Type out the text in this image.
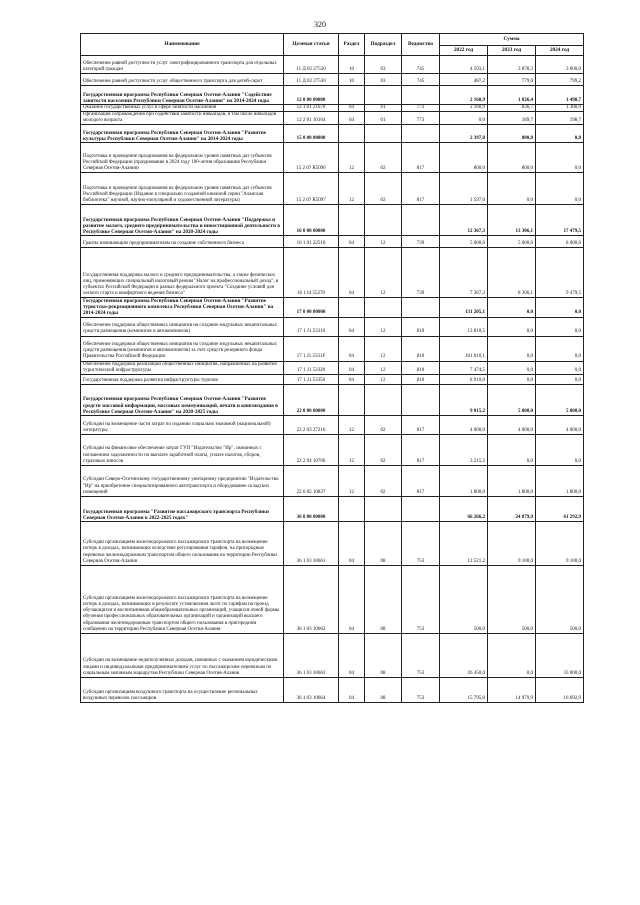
320
Наименование	Целевая статья	Раздел	Подраздел	Ведомство	Сумма		
					2022 год	2023 год	2024 год
Обеспечение равной доступности услуг электрифицированного транспорта для отдельных категорий граждан	11 Д 02 27520	10	03	745	4 593,1	3 878,3	3 600,0
Обеспечение равной доступности услуг общественного транспорта для детей-сирот	11 Д 02 27530	10	03	745	487,2	779,0	799,2
Государственная программа Республики Северная Осетия-Алания "Содействие занятости населения Республики Северная Осетия-Алания" на 2014-2024 годы	12 0 00 00000				2 160,9	1 026,4	1 498,7
Оказание государственных услуг в сфере занятости населения	12 1 01 21670	04	01	773	2 160,9	836,7	1 300,0
Организация сопровождения при содействии занятости инвалидов, в том числе инвалидов молодого возраста	12 2 01 10164	04	01	773	0,0	189,7	198,7
Государственная программа Республики Северная Осетия-Алания "Развитие культуры Республики Северная Осетия-Алания" на 2014-2024 годы	15 0 00 00000				2 397,0	800,0	0,0
Подготовка и проведение празднования на федеральном уровне памятных дат субъектов Российской Федерации (празднование в 2024 году 100-летия образования Республики Северная Осетия-Алания)	15 2 07 R5096	12	02	817	800,0	800,0	0,0
Подготовка и проведение празднования на федеральном уровне памятных дат субъектов Российской Федерации (Издание в специально созданной книжной серии "Аланская библиотека" научной, научно-популярной и художественной литературы)	15 2 07 R5097	12	02	817	1 597,0	0,0	0,0
Государственная программа Республики Северная Осетия-Алания "Поддержка и развитие малого, среднего предпринимательства и инвестиционной деятельности в Республике Северная Осетия-Алания" на 2020-2024 годы	16 0 00 00000				12 367,3	13 306,1	17 479,5
Гранты начинающим предпринимателям на создание собственного бизнеса	16 1 01 22510	04	12	739	5 000,0	5 000,0	8 000,0
Государственная поддержка малого и среднего предпринимательства, а также физических лиц, применяющих специальный налоговый режим "Налог на профессиональный доход", в субъектах Российской Федерации в рамках федерального проекта "Создание условий для легкого старта и комфортного ведения бизнеса"	16 1 I4 55270	04	12	739	7 367,3	8 306,1	9 479,5
Государственная программа Республики Северная Осетия-Алания "Развитие туристско-рекреационного комплекса Республики Северная Осетия-Алания" на 2014-2024 годы	17 0 00 00000				131 205,1	0,0	0,0
Обеспечение поддержки общественных инициатив на создание модульных некапитальных средств размещения (кемпингов и автокемпингов)	17 1 J1 53310	04	12	810	13 810,5	0,0	0,0
Обеспечение поддержки общественных инициатив на создание модульных некапитальных средств размещения (кемпингов и автокемпингов) за счет средств резервного фонда Правительства Российской Федерации	17 1 J1 5331F	04	12	810	101 010,1	0,0	0,0
Обеспечение поддержки реализации общественных инициатив, направленных на развитие туристической инфраструктуры	17 1 J1 53320	04	12	810	7 474,5	0,0	0,0
Государственная поддержка развития инфраструктуры туризма	17 1 J1 53350	04	12	810	8 910,0	0,0	0,0
Государственная программа Республики Северная Осетия-Алания "Развитие средств массовой информации, массовых коммуникаций, печати и книгоиздания в Республике Северная Осетия-Алания" на 2020-2025 годы	22 0 00 00000				9 015,2	5 800,0	5 800,0
Субсидии на возмещение части затрат по изданию социально значимой (национальной) литературы	22 2 03 27216	12	02	817	4 000,0	4 000,0	4 000,0
Субсидии на финансовое обеспечение затрат ГУП "Издательство "Ир", связанных с погашением задолженности по выплате заработной платы, уплате налогов, сборов, страховых взносов	22 2 04 10706	12	02	817	3 215,2	0,0	0,0
Субсидии Северо-Осетинскому государственному унитарному предприятию "Издательство "Ир" на приобретение специализированного автотранспорта и оборудование складских помещений	22 6 02 10837	12	02	817	1 800,0	1 800,0	1 800,0
Государственная программа "Развитие пассажирского транспорта Республики Северная Осетия-Алания в 2022-2025 годах"	36 0 00 00000				66 266,2	24 879,9	61 292,9
Субсидии организациям железнодорожного пассажирского транспорта на возмещение потерь в доходах, возникающих вследствие регулирования тарифов, на пригородные перевозки железнодорожным транспортом общего пользования на территории Республики Северная Осетия-Алания	36 1 03 10661	04	08	753	12 521,2	9 100,0	9 100,0
Субсидии организациям железнодорожного пассажирского транспорта на возмещение потерь в доходах, возникающих в результате установления льгот по тарифам на проезд обучающихся и воспитанников общеобразовательных организаций, учащихся очной формы обучения профессиональных образовательных организаций и организаций высшего образования железнодорожным транспортом общего пользования в пригородном сообщении на территории Республики Северная Осетия-Алания	36 1 03 10662	04	08	753	500,0	500,0	500,0
Субсидии на возмещение недополученных доходов, связанных с оказанием юридическими лицами и индивидуальными предпринимателями услуг по пассажирским перевозкам по социальным значимым маршрутам Республики Северная Осетия-Алания	36 1 03 10663	04	08	753	26 450,0	0,0	33 000,0
Субсидии организациям воздушного транспорта на осуществление региональных воздушных перевозок пассажиров	36 1 03 10664	04	08	753	15 795,0	14 979,9	16 692,9
